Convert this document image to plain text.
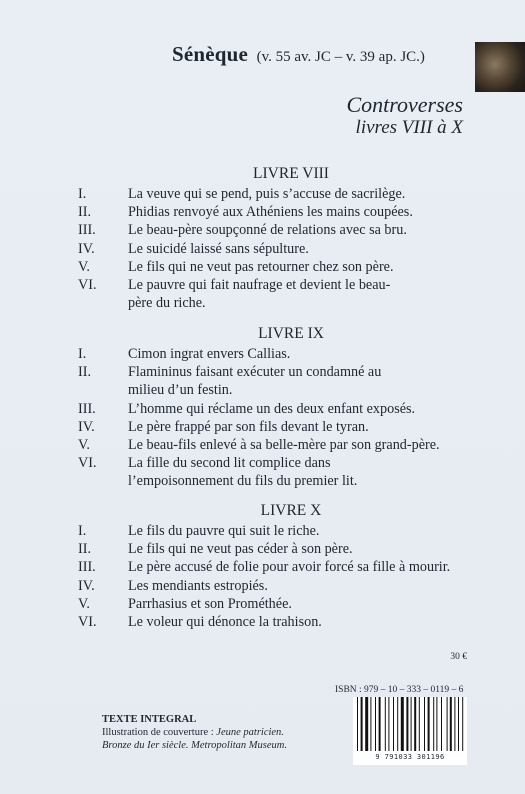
Sénèque (v. 55 av. JC – v. 39 ap. JC.)
Controverses
livres VIII à X
LIVRE VIII
I.	La veuve qui se pend, puis s’accuse de sacrilège.
II.	Phidias renvoyé aux Athéniens les mains coupées.
III.	Le beau-père soupçonné de relations avec sa bru.
IV.	Le suicidé laissé sans sépulture.
V.	Le fils qui ne veut pas retourner chez son père.
VI.	Le pauvre qui fait naufrage et devient le beau-
père du riche.
LIVRE IX
I.	Cimon ingrat envers Callias.
II.	Flamininus faisant exécuter un condamné au
milieu d’un festin.
III.	L’homme qui réclame un des deux enfant exposés.
IV.	Le père frappé par son fils devant le tyran.
V.	Le beau-fils enlevé à sa belle-mère par son grand-père.
VI.	La fille du second lit complice dans
l’empoisonnement du fils du premier lit.
LIVRE X
I.	Le fils du pauvre qui suit le riche.
II.	Le fils qui ne veut pas céder à son père.
III.	Le père accusé de folie pour avoir forcé sa fille à mourir.
IV.	Les mendiants estropiés.
V.	Parrhasius et son Prométhée.
VI.	Le voleur qui dénonce la trahison.
30 €
ISBN : 979 – 10 – 333 – 0119 – 6
9 791033 301196
TEXTE INTEGRAL
Illustration de couverture : Jeune patricien.
Bronze du Ier siècle. Metropolitan Museum.
